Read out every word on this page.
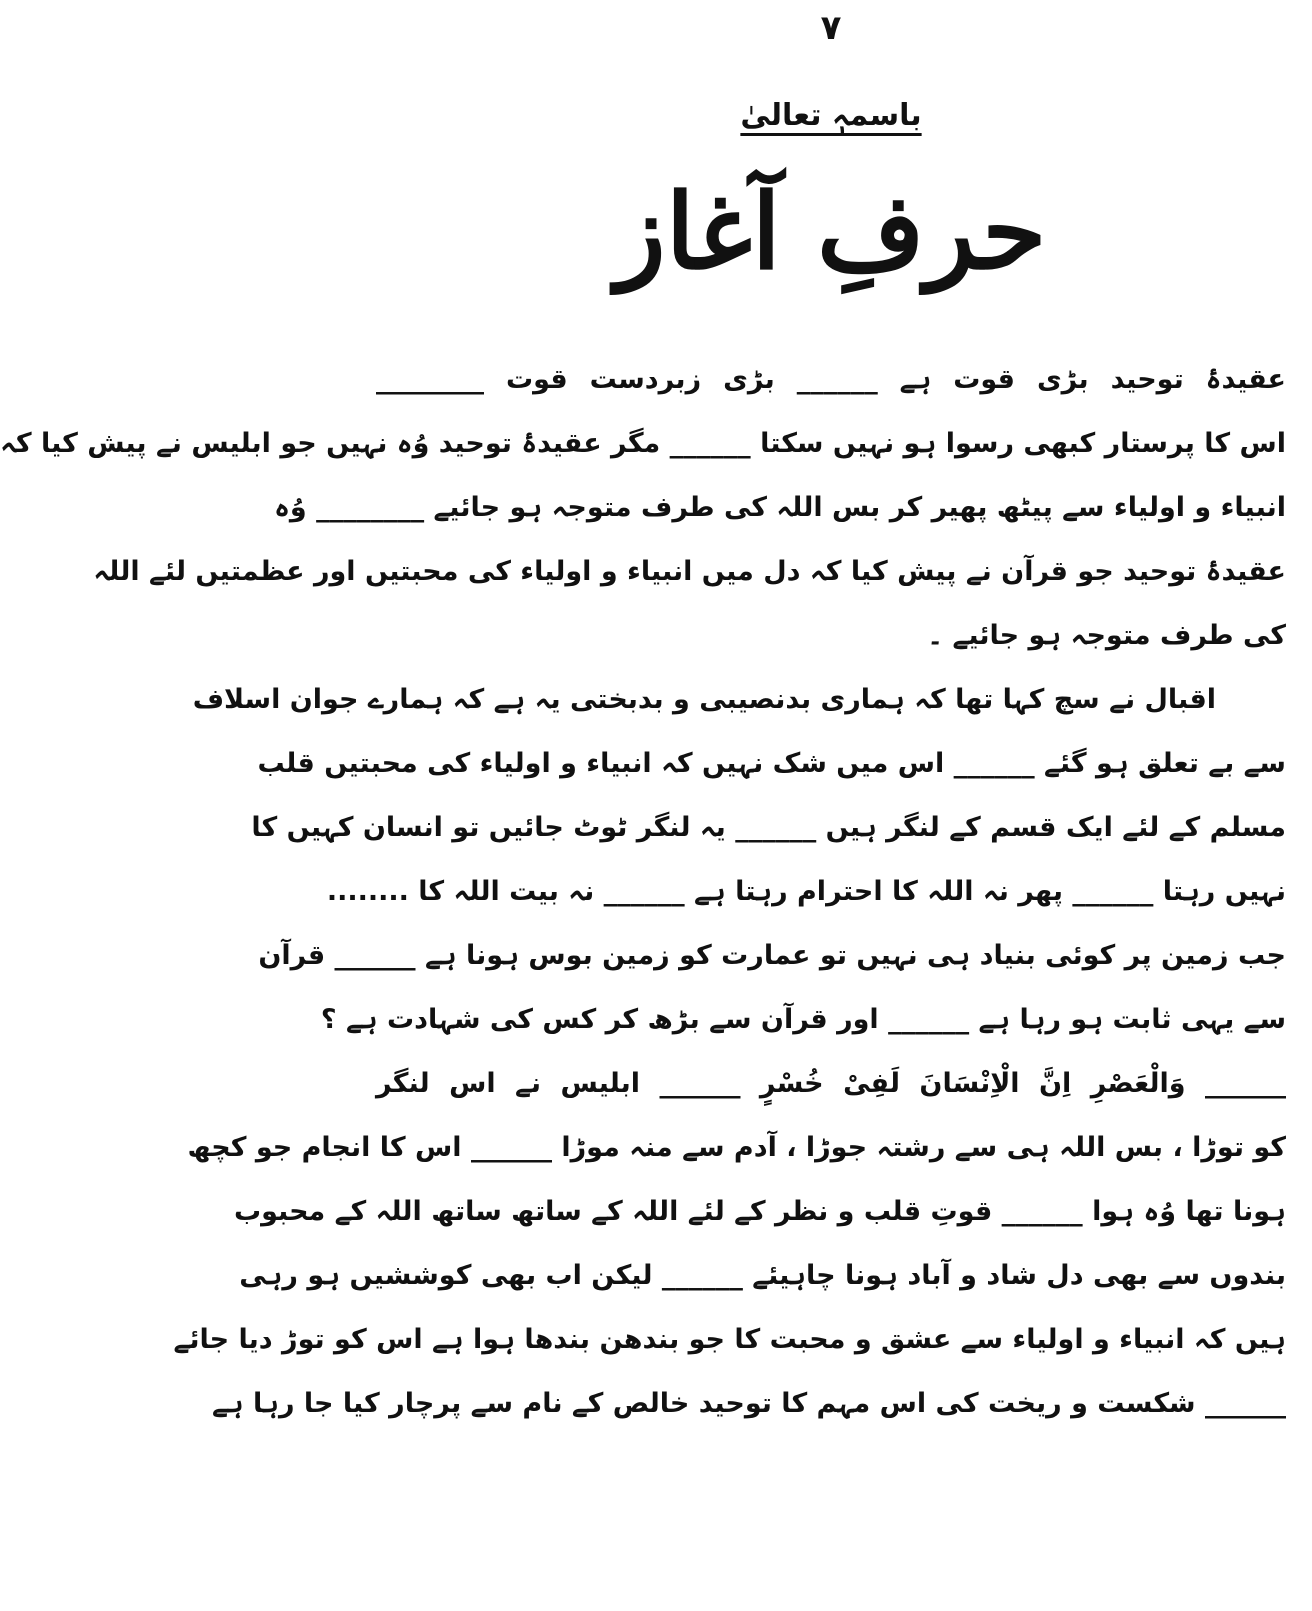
۷
باسمہٖ تعالیٰ
حرفِ آغاز
عقیدۂ توحید بڑی قوت ہے ______ بڑی زبردست قوت ________
اس کا پرستار کبھی رسوا ہو نہیں سکتا ______ مگر عقیدۂ توحید وُہ نہیں جو ابلیس نے پیش کیا کہ
انبیاء و اولیاء سے پیٹھ پھیر کر بس اللہ کی طرف متوجہ ہو جائیے ________ وُہ
عقیدۂ توحید جو قرآن نے پیش کیا کہ دل میں انبیاء و اولیاء کی محبتیں اور عظمتیں لئے اللہ
کی طرف متوجہ ہو جائیے ۔
اقبال نے سچ کہا تھا کہ ہماری بدنصیبی و بدبختی یہ ہے کہ ہمارے جوان اسلاف
سے بے تعلق ہو گئے ______ اس میں شک نہیں کہ انبیاء و اولیاء کی محبتیں قلب
مسلم کے لئے ایک قسم کے لنگر ہیں ______ یہ لنگر ٹوٹ جائیں تو انسان کہیں کا
نہیں رہتا ______ پھر نہ اللہ کا احترام رہتا ہے ______ نہ بیت اللہ کا ........
جب زمین پر کوئی بنیاد ہی نہیں تو عمارت کو زمین بوس ہونا ہے ______ قرآن
سے یہی ثابت ہو رہا ہے ______ اور قرآن سے بڑھ کر کس کی شہادت ہے ؟
______ وَالْعَصْرِ اِنَّ الْاِنْسَانَ لَفِیْ خُسْرٍ ______ ابلیس نے اس لنگر
کو توڑا ، بس اللہ ہی سے رشتہ جوڑا ، آدم سے منہ موڑا ______ اس کا انجام جو کچھ
ہونا تھا وُہ ہوا ______ قوتِ قلب و نظر کے لئے اللہ کے ساتھ ساتھ اللہ کے محبوب
بندوں سے بھی دل شاد و آباد ہونا چاہیئے ______ لیکن اب بھی کوششیں ہو رہی
ہیں کہ انبیاء و اولیاء سے عشق و محبت کا جو بندھن بندھا ہوا ہے اس کو توڑ دیا جائے
______ شکست و ریخت کی اس مہم کا توحید خالص کے نام سے پرچار کیا جا رہا ہے
